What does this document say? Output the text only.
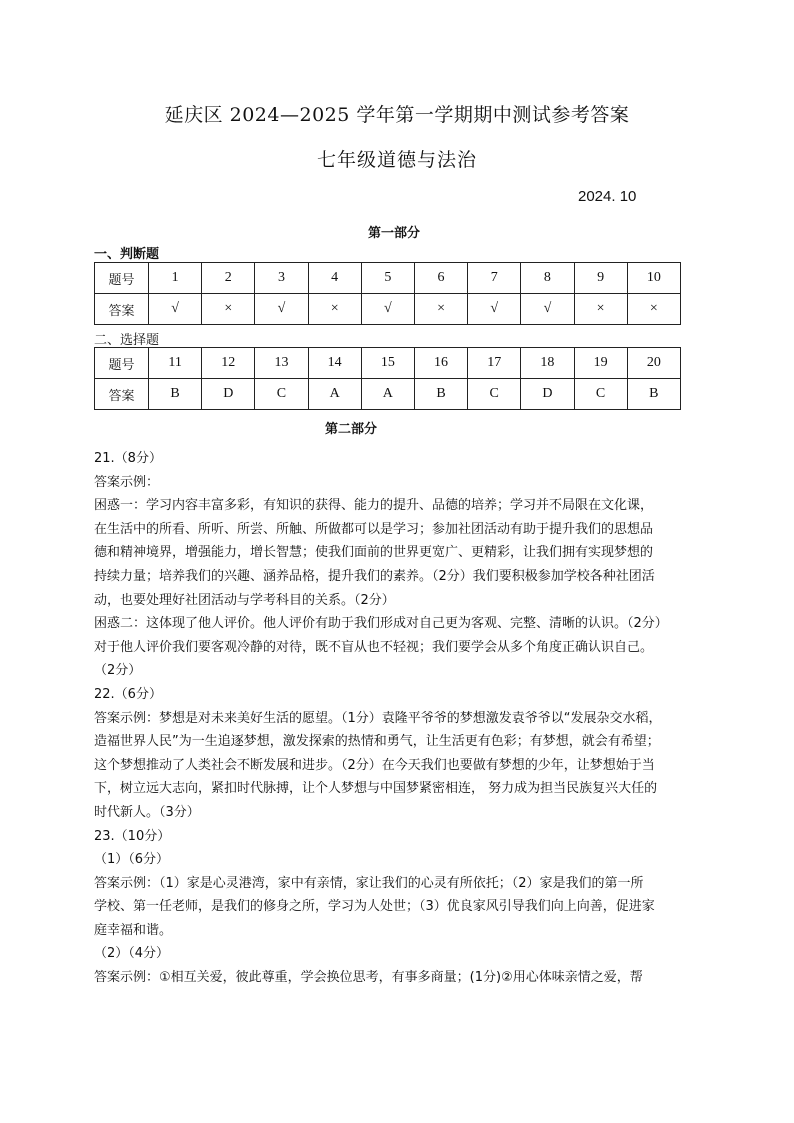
延庆区 2024—2025 学年第一学期期中测试参考答案
七年级道德与法治
2024. 10
第一部分
一、判断题
题号	1	2	3	4	5	6	7	8	9	10
答案	√	×	√	×	√	×	√	√	×	×
二、选择题
题号	11	12	13	14	15	16	17	18	19	20
答案	B	D	C	A	A	B	C	D	C	B
第二部分

21.（8分）

答案示例：

困惑一：学习内容丰富多彩，有知识的获得、能力的提升、品德的培养；学习并不局限在文化课，

在生活中的所看、所听、所尝、所触、所做都可以是学习；参加社团活动有助于提升我们的思想品

德和精神境界，增强能力，增长智慧；使我们面前的世界更宽广、更精彩，让我们拥有实现梦想的

持续力量；培养我们的兴趣、涵养品格，提升我们的素养。（2分）我们要积极参加学校各种社团活

动，也要处理好社团活动与学考科目的关系。（2分）

困惑二：这体现了他人评价。他人评价有助于我们形成对自己更为客观、完整、清晰的认识。（2分）

对于他人评价我们要客观冷静的对待，既不盲从也不轻视；我们要学会从多个角度正确认识自己。

（2分）

22.（6分）

答案示例：梦想是对未来美好生活的愿望。（1分）袁隆平爷爷的梦想激发袁爷爷以“发展杂交水稻，

造福世界人民”为一生追逐梦想，激发探索的热情和勇气，让生活更有色彩；有梦想，就会有希望；

这个梦想推动了人类社会不断发展和进步。（2分）在今天我们也要做有梦想的少年，让梦想始于当

下，树立远大志向，紧扣时代脉搏，让个人梦想与中国梦紧密相连， 努力成为担当民族复兴大任的

时代新人。（3分）

23.（10分）

（1）（6分）

答案示例：（1）家是心灵港湾，家中有亲情，家让我们的心灵有所依托；（2）家是我们的第一所

学校、第一任老师，是我们的修身之所，学习为人处世；（3）优良家风引导我们向上向善，促进家

庭幸福和谐。

（2）（4分）

答案示例：①相互关爱，彼此尊重，学会换位思考，有事多商量；(1分)②用心体味亲情之爱，帮
